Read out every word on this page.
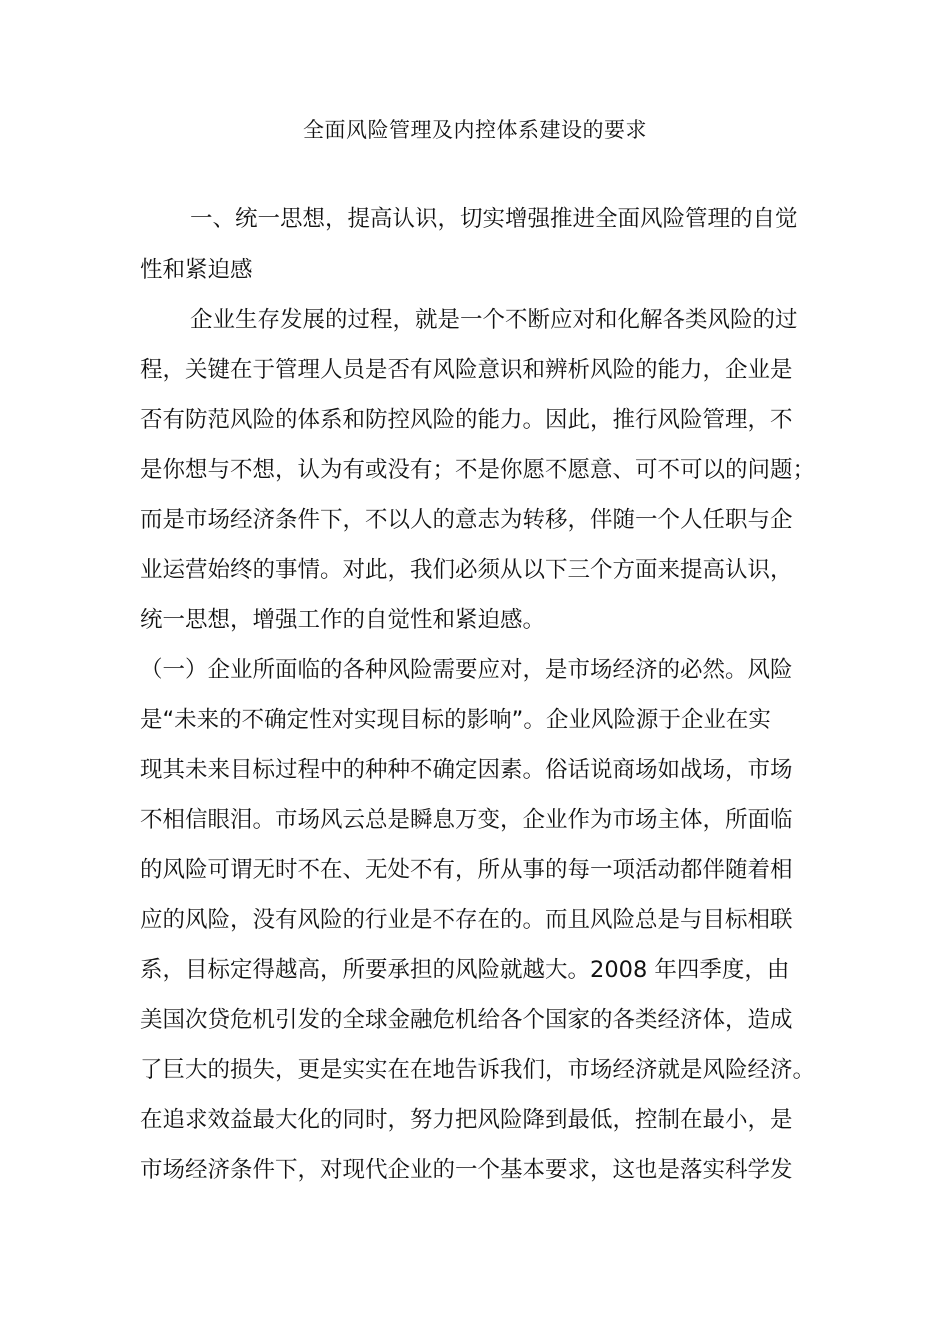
全面风险管理及内控体系建设的要求
一、统一思想，提高认识，切实增强推进全面风险管理的自觉
性和紧迫感
企业生存发展的过程，就是一个不断应对和化解各类风险的过
程，关键在于管理人员是否有风险意识和辨析风险的能力，企业是
否有防范风险的体系和防控风险的能力。因此，推行风险管理，不
是你想与不想，认为有或没有；不是你愿不愿意、可不可以的问题；
而是市场经济条件下，不以人的意志为转移，伴随一个人任职与企
业运营始终的事情。对此，我们必须从以下三个方面来提高认识，
统一思想，增强工作的自觉性和紧迫感。
（一）企业所面临的各种风险需要应对，是市场经济的必然。风险
是“未来的不确定性对实现目标的影响”。企业风险源于企业在实
现其未来目标过程中的种种不确定因素。俗话说商场如战场，市场
不相信眼泪。市场风云总是瞬息万变，企业作为市场主体，所面临
的风险可谓无时不在、无处不有，所从事的每一项活动都伴随着相
应的风险，没有风险的行业是不存在的。而且风险总是与目标相联
系，目标定得越高，所要承担的风险就越大。2008 年四季度，由
美国次贷危机引发的全球金融危机给各个国家的各类经济体，造成
了巨大的损失，更是实实在在地告诉我们，市场经济就是风险经济。
在追求效益最大化的同时，努力把风险降到最低，控制在最小，是
市场经济条件下，对现代企业的一个基本要求，这也是落实科学发
